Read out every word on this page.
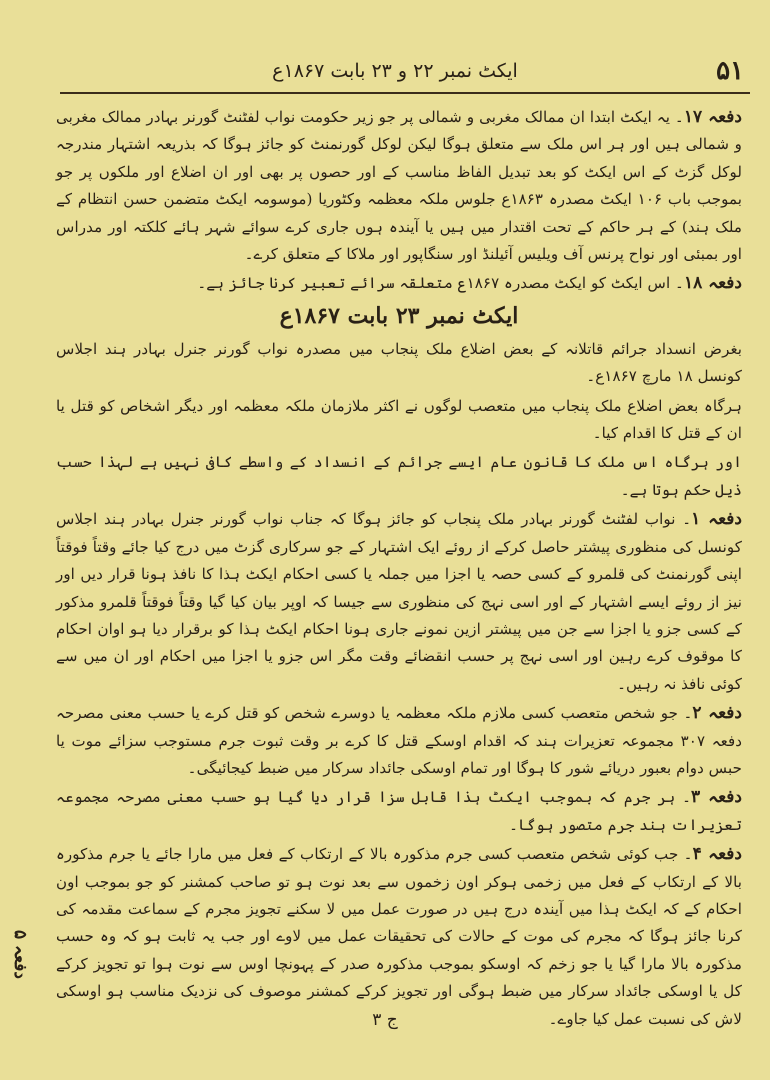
۵۱
ایکٹ نمبر ۲۲ و ۲۳ بابت ۱۸۶۷ع

دفعہ ۱۷۔ یہ ایکٹ ابتدا ان ممالک مغربی و شمالی پر جو زیر حکومت نواب لفٹنٹ گورنر بہادر ممالک مغربی و شمالی ہیں اور ہر اس ملک سے متعلق ہوگا لیکن لوکل گورنمنٹ کو جائز ہوگا کہ بذریعہ اشتہار مندرجہ لوکل گزٹ کے اس ایکٹ کو بعد تبدیل الفاظ مناسب کے اور حصوں پر بھی اور ان اضلاع اور ملکوں پر جو بموجب باب ۱۰۶ ایکٹ مصدرہ ۱۸۶۳ع جلوس ملکہ معظمہ وکٹوریا (موسومہ ایکٹ متضمن حسن انتظام کے ملک ہند) کے ہر حاکم کے تحت اقتدار میں ہیں یا آیندہ ہوں جاری کرے سوائے شہر ہائے کلکتہ اور مدراس اور بمبئی اور نواح پرنس آف ویلیس آئیلنڈ اور سنگاپور اور ملاکا کے متعلق کرے۔

دفعہ ۱۸۔ اس ایکٹ کو ایکٹ مصدرہ ۱۸۶۷ع متعلقہ سرائے تعبیر کرنا جائز ہے۔

ایکٹ نمبر ۲۳ بابت ۱۸۶۷ع

بغرض انسداد جرائم قاتلانہ کے بعض اضلاع ملک پنجاب میں مصدرہ نواب گورنر جنرل بہادر ہند اجلاس کونسل ۱۸ مارچ ۱۸۶۷ع۔

ہرگاہ بعض اضلاع ملک پنجاب میں متعصب لوگوں نے اکثر ملازمان ملکہ معظمہ اور دیگر اشخاص کو قتل یا ان کے قتل کا اقدام کیا۔

اور ہرگاہ اس ملک کا قانون عام ایسے جرائم کے انسداد کے واسطے کافی نہیں ہے لہذا حسب ذیل حکم ہوتا ہے۔

دفعہ ۱۔ نواب لفٹنٹ گورنر بہادر ملک پنجاب کو جائز ہوگا کہ جناب نواب گورنر جنرل بہادر ہند اجلاس کونسل کی منظوری پیشتر حاصل کرکے از روئے ایک اشتہار کے جو سرکاری گزٹ میں درج کیا جائے وقتاً فوقتاً اپنی گورنمنٹ کی قلمرو کے کسی حصہ یا اجزا میں جملہ یا کسی احکام ایکٹ ہذا کا نافذ ہونا قرار دیں اور نیز از روئے ایسے اشتہار کے اور اسی نہج کی منظوری سے جیسا کہ اوپر بیان کیا گیا وقتاً فوقتاً قلمرو مذکور کے کسی جزو یا اجزا سے جن میں پیشتر ازین نمونے جاری ہونا احکام ایکٹ ہذا کو برقرار دیا ہو اوان احکام کا موقوف کرے رہین اور اسی نہج پر حسب انقضائے وقت مگر اس جزو یا اجزا میں احکام اور ان میں سے کوئی نافذ نہ رہیں۔

دفعہ ۲۔ جو شخص متعصب کسی ملازم ملکہ معظمہ یا دوسرے شخص کو قتل کرے یا حسب معنی مصرحہ دفعہ ۳۰۷ مجموعہ تعزیرات ہند کہ اقدام اوسکے قتل کا کرے بر وقت ثبوت جرم مستوجب سزائے موت یا حبس دوام بعبور دریائے شور کا ہوگا اور تمام اوسکی جائداد سرکار میں ضبط کیجائیگی۔

دفعہ ۳۔ ہر جرم کہ بموجب ایکٹ ہذا قابل سزا قرار دیا گیا ہو حسب معنی مصرحہ مجموعہ تعزیرات ہند جرم متصور ہوگا۔

دفعہ ۴۔ جب کوئی شخص متعصب کسی جرم مذکورہ بالا کے ارتکاب کے فعل میں مارا جائے یا جرم مذکورہ بالا کے ارتکاب کے فعل میں زخمی ہوکر اون زخموں سے بعد نوت ہو تو صاحب کمشنر کو جو بموجب اون احکام کے کہ ایکٹ ہذا میں آیندہ درج ہیں در صورت عمل میں لا سکنے تجویز مجرم کے سماعت مقدمہ کی کرنا جائز ہوگا کہ مجرم کی موت کے حالات کی تحقیقات عمل میں لاوے اور جب یہ ثابت ہو کہ وہ حسب مذکورہ بالا مارا گیا یا جو زخم کہ اوسکو بموجب مذکورہ صدر کے پہونچا اوس سے نوت ہوا تو تجویز کرکے کل یا اوسکی جائداد سرکار میں ضبط ہوگی اور تجویز کرکے کمشنر موصوف کی نزدیک مناسب ہو اوسکی لاش کی نسبت عمل کیا جاوے۔

دفعہ ۵
ج ۳
